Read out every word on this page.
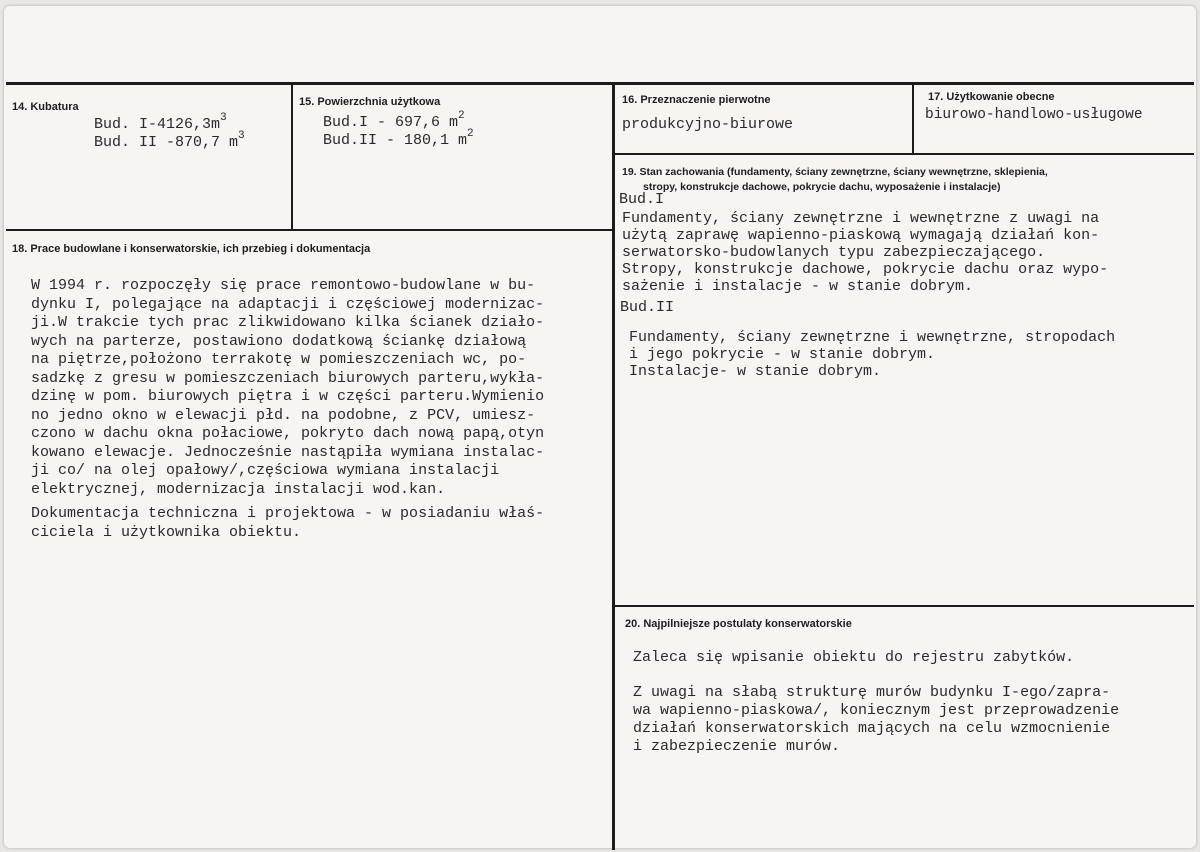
14. Kubatura
Bud. $I-4126,3m^3$
Bud. II -870,7 $m^3$
15. Powierzchnia użytkowa
Bud.I - 697,6 $m^2$
Bud.II - 180,1 $m^2$
16. Przeznaczenie pierwotne
produkcyjno-biurowe
17. Użytkowanie obecne
biurowo-handlowo-usługowe
18. Prace budowlane i konserwatorskie, ich przebieg i dokumentacja
W 1994 r. rozpoczęły się prace remontowo-budowlane w bu-
dynku I, polegające na adaptacji i częściowej modernizac-
ji.W trakcie tych prac zlikwidowano kilka ścianek działo-
wych na parterze, postawiono dodatkową ściankę działową
na piętrze,położono terrakotę w pomieszczeniach wc, po-
sadzkę z gresu w pomieszczeniach biurowych parteru,wykła-
dzinę w pom. biurowych piętra i w części parteru.Wymienio
no jedno okno w elewacji płd. na podobne, z PCV, umiesz-
czono w dachu okna połaciowe, pokryto dach nową papą,otyn
kowano elewacje. Jednocześnie nastąpiła wymiana instalac-
ji co/ na olej opałowy/,częściowa wymiana instalacji
elektrycznej, modernizacja instalacji wod.kan.
Dokumentacja techniczna i projektowa - w posiadaniu właś-
ciciela i użytkownika obiektu.
19. Stan zachowania (fundamenty, ściany zewnętrzne, ściany wewnętrzne, sklepienia,
stropy, konstrukcje dachowe, pokrycie dachu, wyposażenie i instalacje)
Bud.I
Fundamenty, ściany zewnętrzne i wewnętrzne z uwagi na
użytą zaprawę wapienno-piaskową wymagają działań kon-
serwatorsko-budowlanych typu zabezpieczającego.
Stropy, konstrukcje dachowe, pokrycie dachu oraz wypo-
sażenie i instalacje - w stanie dobrym.
Bud.II
Fundamenty, ściany zewnętrzne i wewnętrzne, stropodach
i jego pokrycie - w stanie dobrym.
Instalacje- w stanie dobrym.
20. Najpilniejsze postulaty konserwatorskie
Zaleca się wpisanie obiektu do rejestru zabytków.
Z uwagi na słabą strukturę murów budynku I-ego/zapra-
wa wapienno-piaskowa/, koniecznym jest przeprowadzenie
działań konserwatorskich mających na celu wzmocnienie
i zabezpieczenie murów.
